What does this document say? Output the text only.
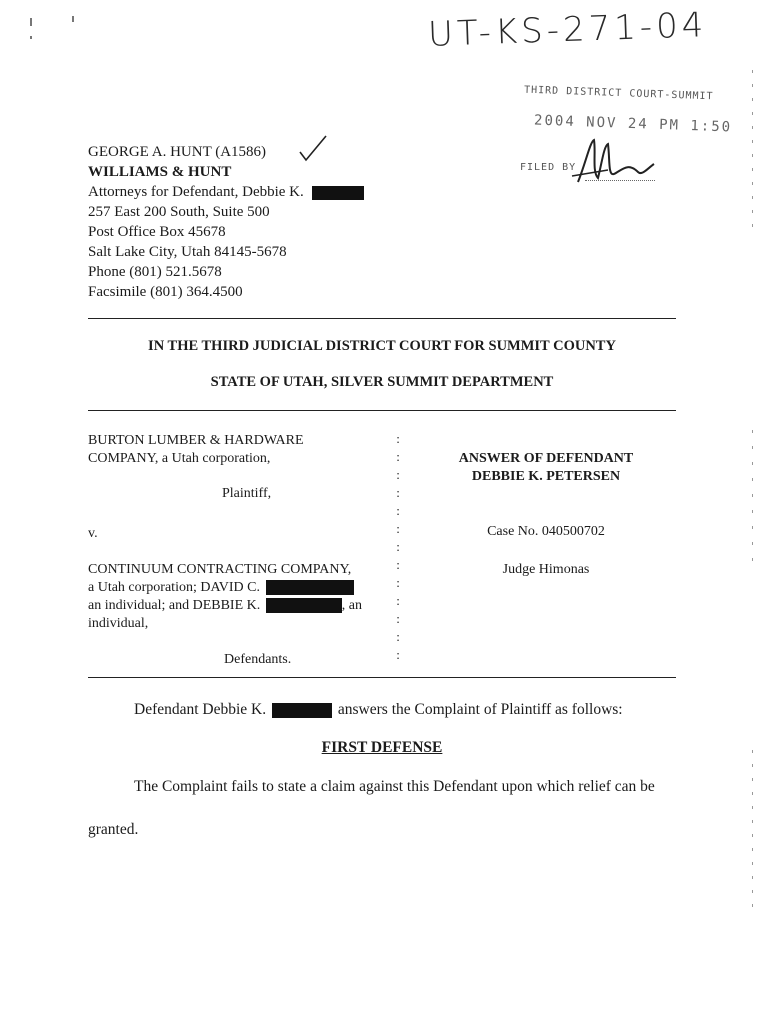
UT-KS-271-04
THIRD DISTRICT COURT-SUMMIT
2004 NOV 24 PM 1:50
FILED BY
GEORGE A. HUNT (A1586)
WILLIAMS & HUNT
Attorneys for Defendant, Debbie K.
257 East 200 South, Suite 500
Post Office Box 45678
Salt Lake City, Utah 84145-5678
Phone (801) 521.5678
Facsimile (801) 364.4500
IN THE THIRD JUDICIAL DISTRICT COURT FOR SUMMIT COUNTY
STATE OF UTAH, SILVER SUMMIT DEPARTMENT
BURTON LUMBER & HARDWARE
COMPANY, a Utah corporation,
Plaintiff,
v.
CONTINUUM CONTRACTING COMPANY,
a Utah corporation; DAVID C.
an individual; and DEBBIE K.	, an
individual,
Defendants.
:
:
:
:
:
:
:
:
:
:
:
:
:
ANSWER OF DEFENDANT
DEBBIE K. PETERSEN
Case No. 040500702
Judge Himonas
Defendant Debbie K.	answers the Complaint of Plaintiff as follows:
FIRST DEFENSE
The Complaint fails to state a claim against this Defendant upon which relief can be
granted.
